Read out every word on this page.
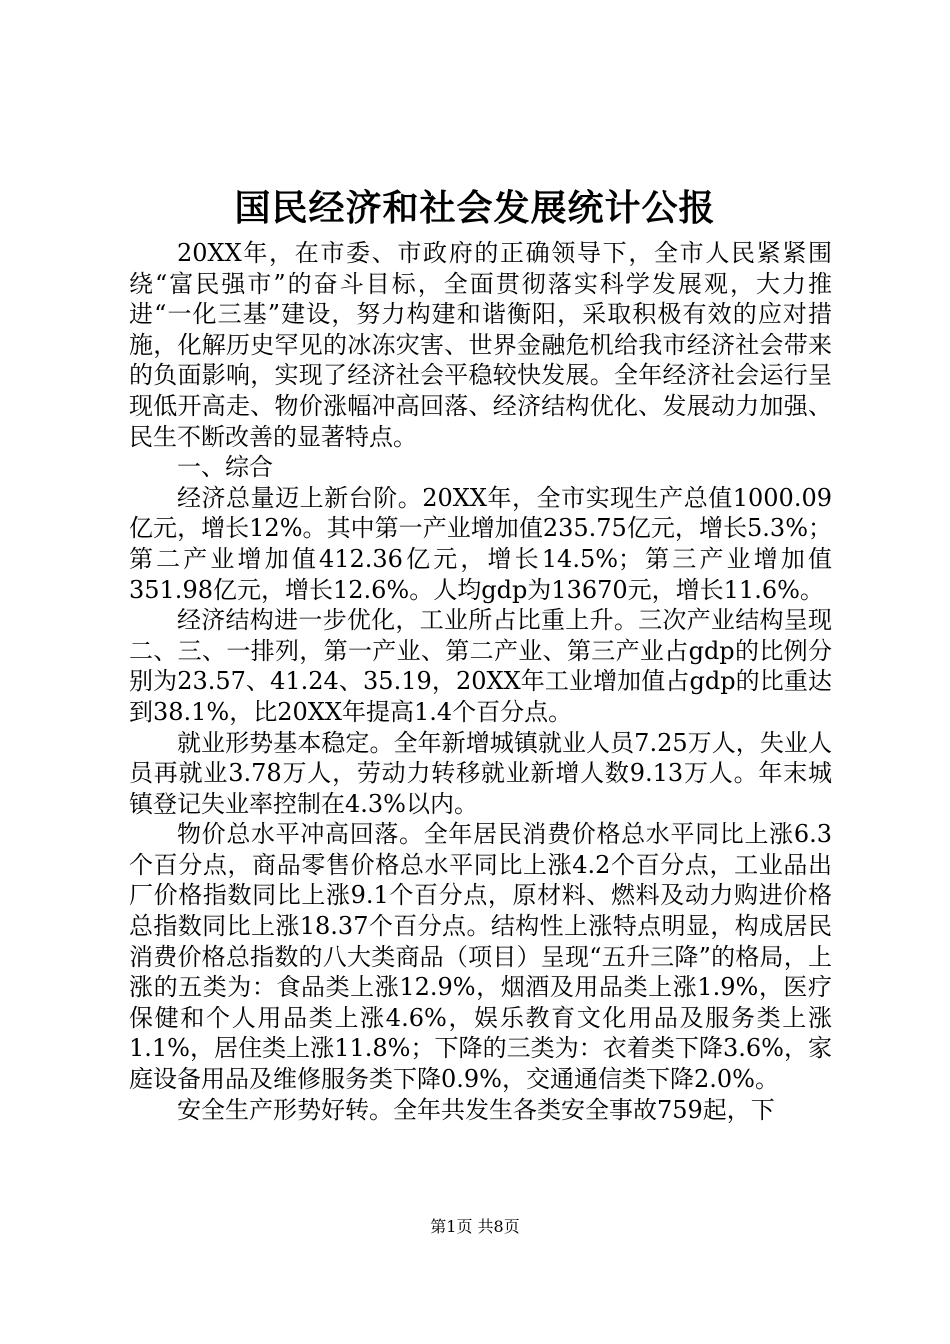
国民经济和社会发展统计公报

20XX年，在市委、市政府的正确领导下，全市人民紧紧围绕“富民强市”的奋斗目标，全面贯彻落实科学发展观，大力推进“一化三基”建设，努力构建和谐衡阳，采取积极有效的应对措施，化解历史罕见的冰冻灾害、世界金融危机给我市经济社会带来的负面影响，实现了经济社会平稳较快发展。全年经济社会运行呈现低开高走、物价涨幅冲高回落、经济结构优化、发展动力加强、民生不断改善的显著特点。

一、综合

经济总量迈上新台阶。20XX年，全市实现生产总值1000.09亿元，增长12%。其中第一产业增加值235.75亿元，增长5.3%；第二产业增加值412.36亿元，增长14.5%；第三产业增加值351.98亿元，增长12.6%。人均gdp为13670元，增长11.6%。

经济结构进一步优化，工业所占比重上升。三次产业结构呈现二、三、一排列，第一产业、第二产业、第三产业占gdp的比例分别为23.57、41.24、35.19，20XX年工业增加值占gdp的比重达到38.1%，比20XX年提高1.4个百分点。

就业形势基本稳定。全年新增城镇就业人员7.25万人，失业人员再就业3.78万人，劳动力转移就业新增人数9.13万人。年末城镇登记失业率控制在4.3%以内。

物价总水平冲高回落。全年居民消费价格总水平同比上涨6.3个百分点，商品零售价格总水平同比上涨4.2个百分点，工业品出厂价格指数同比上涨9.1个百分点，原材料、燃料及动力购进价格总指数同比上涨18.37个百分点。结构性上涨特点明显，构成居民消费价格总指数的八大类商品（项目）呈现“五升三降”的格局，上涨的五类为：食品类上涨12.9%，烟酒及用品类上涨1.9%，医疗保健和个人用品类上涨4.6%，娱乐教育文化用品及服务类上涨1.1%，居住类上涨11.8%；下降的三类为：衣着类下降3.6%，家庭设备用品及维修服务类下降0.9%，交通通信类下降2.0%。

安全生产形势好转。全年共发生各类安全事故759起，下

第1页 共8页
